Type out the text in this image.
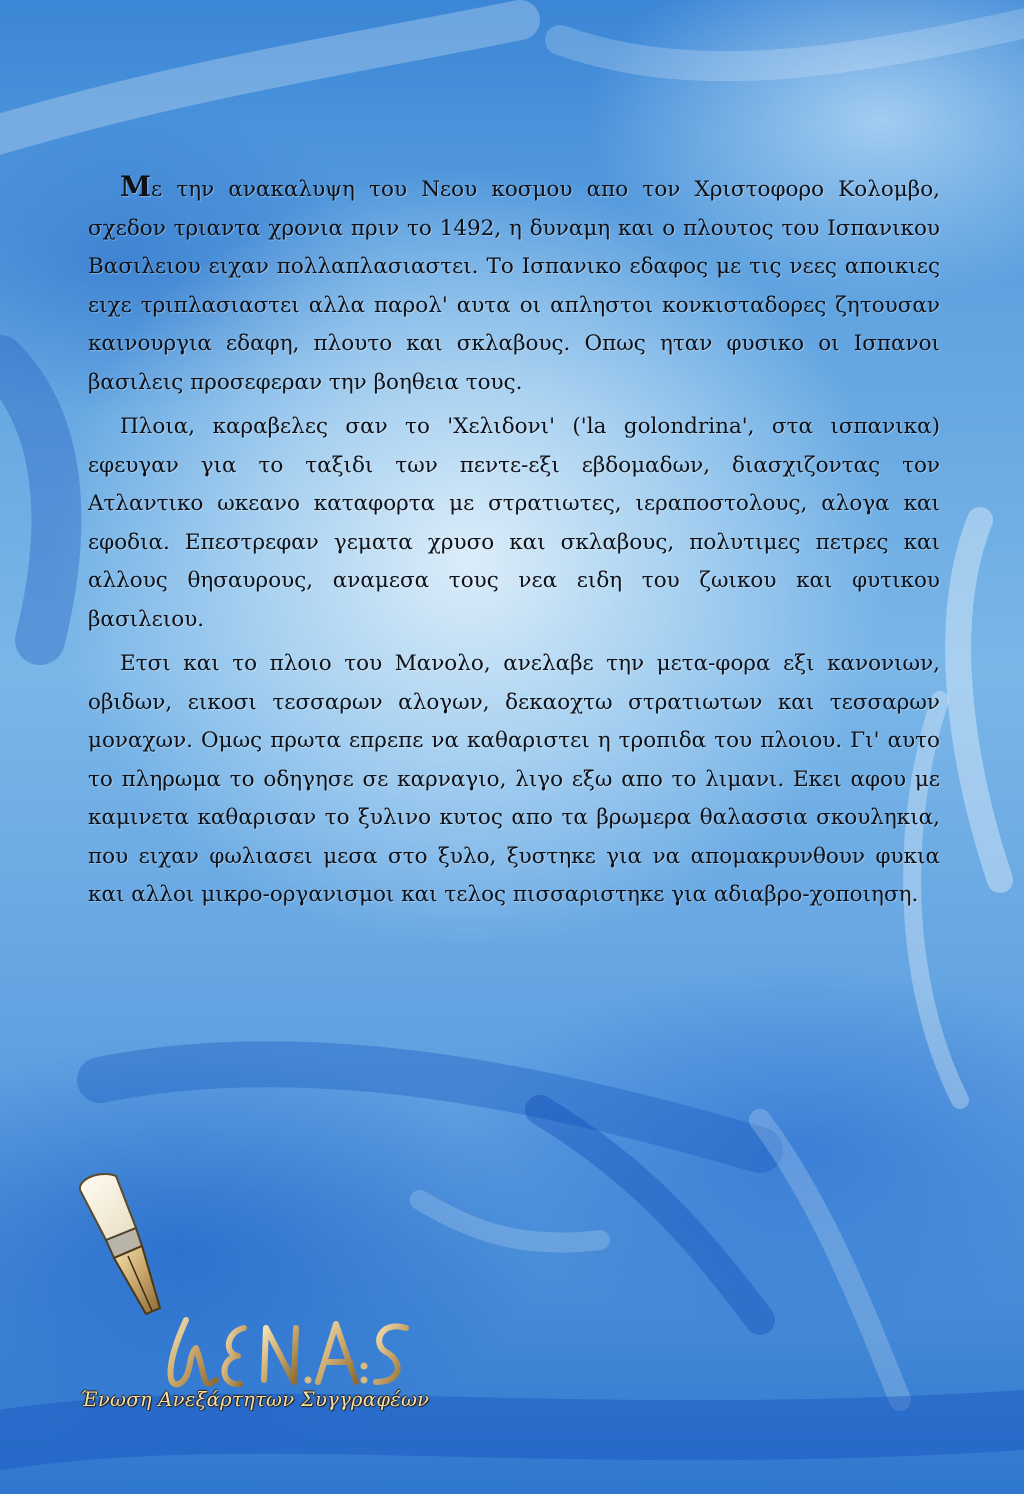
Με την ανακαλυψη του Νεου κοσμου απο τον Χριστοφορο Κολομβο, σχεδον τριαντα χρονια πριν το 1492, η δυναμη και ο πλουτος του Ισπανικου Βασιλειου ειχαν πολλαπλασιαστει. Το Ισπανικο εδαφος με τις νεες αποικιες ειχε τριπλασιαστει αλλα παρολ' αυτα οι απληστοι κονκισταδορες ζητουσαν καινουργια εδαφη, πλουτο και σκλαβους. Οπως ηταν φυσικο οι Ισπανοι βασιλεις προσεφεραν την βοηθεια τους.

Πλοια, καραβελες σαν το 'Χελιδονι' ('la golondrina', στα ισπανικα) εφευγαν για το ταξιδι των πεντε-εξι εβδομαδων, διασχιζοντας τον Ατλαντικο ωκεανο καταφορτα με στρατιωτες, ιεραποστολους, αλογα και εφοδια. Επεστρεφαν γεματα χρυσο και σκλαβους, πολυτιμες πετρες και αλλους θησαυρους, αναμεσα τους νεα ειδη του ζωικου και φυτικου βασιλειου.

Ετσι και το πλοιο του Μανολο, ανελαβε την μετα-φορα εξι κανονιων, οβιδων, εικοσι τεσσαρων αλογων, δεκαοχτω στρατιωτων και τεσσαρων μοναχων. Ομως πρωτα επρεπε να καθαριστει η τροπιδα του πλοιου. Γι' αυτο το πληρωμα το οδηγησε σε καρναγιο, λιγο εξω απο το λιμανι. Εκει αφου με καμινετα καθαρισαν το ξυλινο κυτος απο τα βρωμερα θαλασσια σκουληκια, που ειχαν φωλιασει μεσα στο ξυλο, ξυστηκε για να απομακρυνθουν φυκια και αλλοι μικρο-οργανισμοι και τελος πισσαριστηκε για αδιαβρο-χοποιηση.

Ένωση Ανεξάρτητων Συγγραφέων
